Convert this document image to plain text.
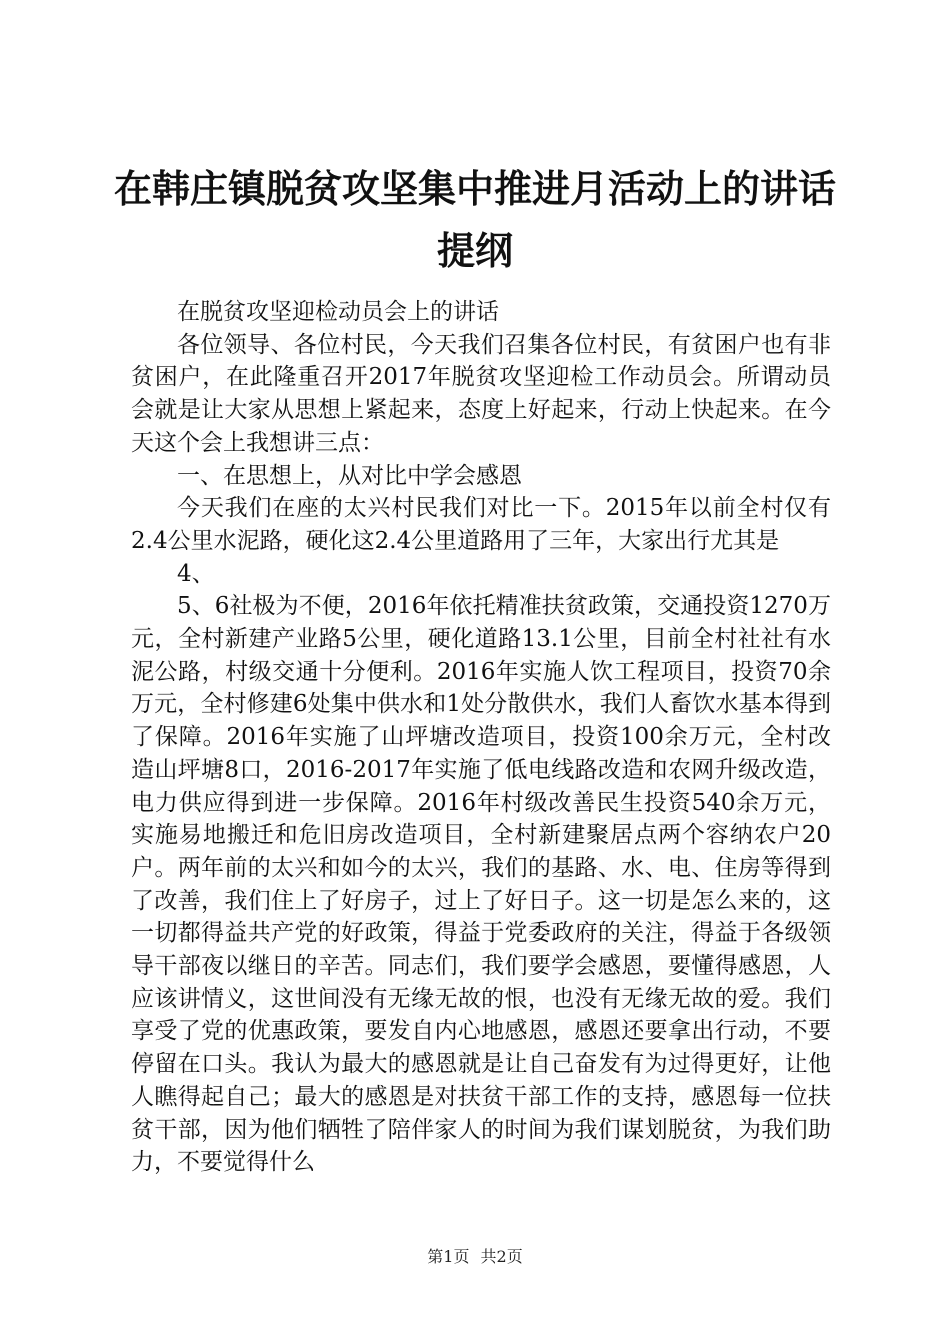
在韩庄镇脱贫攻坚集中推进月活动上的讲话提纲

在脱贫攻坚迎检动员会上的讲话

各位领导、各位村民，今天我们召集各位村民，有贫困户也有非贫困户，在此隆重召开2017年脱贫攻坚迎检工作动员会。所谓动员会就是让大家从思想上紧起来，态度上好起来，行动上快起来。在今天这个会上我想讲三点：

一、在思想上，从对比中学会感恩

今天我们在座的太兴村民我们对比一下。2015年以前全村仅有2.4公里水泥路，硬化这2.4公里道路用了三年，大家出行尤其是

4、

5、6社极为不便，2016年依托精准扶贫政策，交通投资1270万元，全村新建产业路5公里，硬化道路13.1公里，目前全村社社有水泥公路，村级交通十分便利。2016年实施人饮工程项目，投资70余万元，全村修建6处集中供水和1处分散供水，我们人畜饮水基本得到了保障。2016年实施了山坪塘改造项目，投资100余万元，全村改造山坪塘8口，2016-2017年实施了低电线路改造和农网升级改造，电力供应得到进一步保障。2016年村级改善民生投资540余万元，实施易地搬迁和危旧房改造项目，全村新建聚居点两个容纳农户20户。两年前的太兴和如今的太兴，我们的基路、水、电、住房等得到了改善，我们住上了好房子，过上了好日子。这一切是怎么来的，这一切都得益共产党的好政策，得益于党委政府的关注，得益于各级领导干部夜以继日的辛苦。同志们，我们要学会感恩，要懂得感恩，人应该讲情义，这世间没有无缘无故的恨，也没有无缘无故的爱。我们享受了党的优惠政策，要发自内心地感恩，感恩还要拿出行动，不要停留在口头。我认为最大的感恩就是让自己奋发有为过得更好，让他人瞧得起自己；最大的感恩是对扶贫干部工作的支持，感恩每一位扶贫干部，因为他们牺牲了陪伴家人的时间为我们谋划脱贫，为我们助力，不要觉得什么

第1页 共2页
